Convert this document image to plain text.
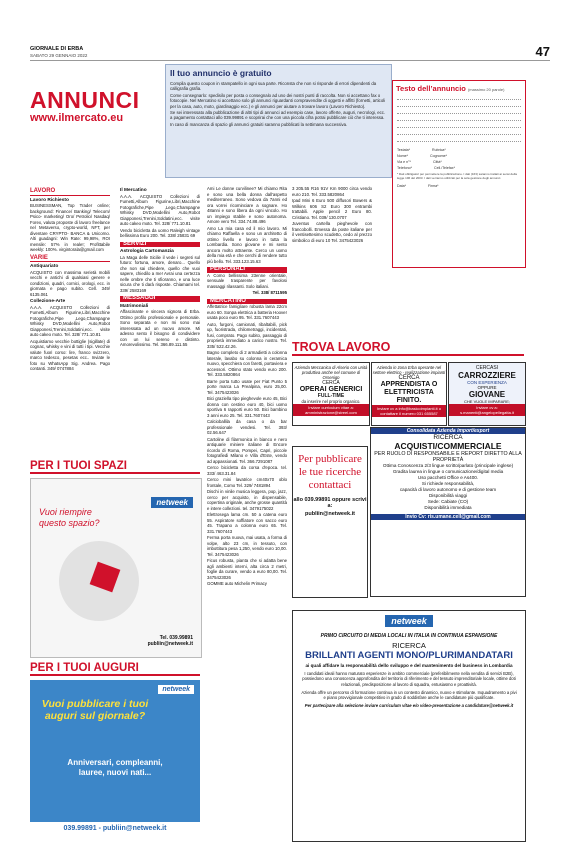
GIORNALE DI ERBA
SABATO 29 GENNAIO 2022	47
ANNUNCI
www.ilmercato.eu
Il tuo annuncio è gratuito

Compila questo coupon in stampatello in ogni sua parte. Riconsta che non si risponde di errori dipendenti da calligrafia grafia.

Come consegnarlo: spedisilo per posta o consegnalo ad uno dei nostri punti di raccolta. Non si accettano fax o fotocopie. Nel Mercatino si accettano solo gli annunci riguardanti compravendite di oggetti e affitti (fornetti, articoli per la casa, auto, moto, giardinaggio ecc.) e gli annunci per aiutare a trovare lavoro (Lavoro Richiesto).

Se sei interessato alla pubblicazione di altri tipi di annunci ad esempio case, lavoro offerte, auguri, necrologi, ecc. a pagamento contattaci allo 039.99891 e scoprirai che con una piccola cifra potrai pubblicare ciò che ti interessa.

In caso di mancanza di spazio gli annunci gratuiti saranno pubblicati la settimana successiva.

Testo dell’annuncio (massimo 20 parole)
Testata*	Rubrica*
Nome*	Cognome*
Via e n°*	Città*
Telefono*	Cell./Telefax*
* Dati obbligatori per permettere la pubblicazione. I dati (163) saranno trattati ai sensi della legge 196 del 2003. I dati verranno utilizzati per la sola gestione degli annunci.
Data*	Firma*
LAVORO
Lavoro Richiesto

BUSINESSMAN, Top Trader online; background: Finance/ Banking/ Telecom/ Psico- marketing/ Oro/ Petrolio/ Nasdaq/ Forex, valuta proposte di lavoro freelance nel Metaverso, crypto-world, NFT, per diventare CRYPTO- BANCA & Unicorno. Alti guadagni: Win Rate: 99,98%, ROI mensile: 57% in reale!; Profittabile weekly: 100%. virgintorala@gmail.com

VARIE
Antiquariato

ACQUISTO con massima serietà mobili vecchi e antichi di qualsiasi genere e condizioni, quadri, cornici, orologi, ecc. in giornata e pago subito. Cell. 349/ 6135.061

Collezione-Arte

A.A.A. ACQUISTO Collezioni di Fumetti,Album Figurine,Libri,Macchine Fotografiche,Pipe ,Lego,Champagne Whisky DVD,Modellini Auto,Robot Giapponesi,Trenini,Soldatini,ecc. visite auto cakeo moto. Tel. 328/ 771.10.81

Acquistiamo vecchie bottiglie (sigillate) di cognac, whisky e vini di tutti i tipi. Vecchie valute fuori corso: lire, franco svizzero, marco tedesco, pesetas ecc.. Inviate le foto su WhatsApp Sig. Andrea. Pago contanti. 349/ 0747884

Il Mercatino

A.A.A. ACQUISTO Collezioni di Fumetti,Album Figurine,Libri,Macchine Fotografiche,Pipe ,Lego,Champagne Whisky DVD,Modellini Auto,Robot Giapponesi,Trenini,Soldatini,ecc. visite auto cakeo moto. Tel. 328/ 771.10.81

Vendo bicicletta da uomo Raleigh vintage bellissima Euro 200. Tel. 338/ 25831 69

SERVIZI
Astrologia Cartomanzia

La Maga delle Sicilie il vede i segreti sul futuro: fortuna, amore, denaro... Quello che non sai chiedere, quello che vuoi sapere, chiedilo a me! Avrai una certezza nelle ombre che ti sfioranno, e una luce sicura che ti darà risposte. Chiamami tel. 339/ 2583169

MESSAGGI
Matrimoniali

Affascinante e sincera signora di Erba. Ottimo profilo professionale e personale. Sono separata e non mi sono mai interessata ad un nuovo amore. Mi adesso sento il bisogno di condividere con un lui sereno e distinto. Amorevolissimo. Tel. 366.89.111.55

Ami Le donne curvilinee? Mi chiamo Rita e sono una bella donna dall'aspetto mediterraneo. Sono vedova da 7anni ed ora vorrei ricominciare a sognare. Ho 48anni e sono libera da ogni vincolo. Ho un impiego stabile e sono autonoma. Amore vero Tel. 334.74.88.496

Amo La mia casa ed il mio lavoro. Mi chiamo Raffaella e sono un architetto di ottimo livello e lavoro in tutta la Lombardia. Sono giovane e mi sento ancora molto attraente. Cerco un uomo della mia età e che cerchi di rendere tutto più bello. Tel. 333.123.15.63

PERSONALI

A Como bellissima 23enne orientale, sensuale trasparente per favolosi massaggi rilassanti. Solo italiani.

Tel. 338/ 8711595

MERCATINO

Affettatrice famigliare robusta lama 22cm euro 60. Sonpa elettrica a batteria Hoover usata poco euro 95. Tel. 331.7607443

Auto, furgoni, camionati, ribaltabili, pick up, fuoristrada, chilometraggi, incidentati, fusi, comprato. Pago subito, passaggio di proprietà immediato a carico nostro. Tel. 335/ 522.42.26.

Bagno completo di 2 armadietti a colonna laterale, lavabo su colonna in ceramica nuovo, specchiera con faretti, portaviera e accessori. Ottimo stato vendo euro 200. Tel. 333.5820864

Barre porta tutto usate per Fiat Punto 5 porte marca La Prealpina, euro 25,00. Tel. 3475423026

Bici graziella tipo pieghevole euro 45, Bici donna con cestino euro 40, bici uomo sportiva 6 rapporti euro 50. Bici bambino 3 anni euro 25. Tel. 331.7607443

Calcioballila da casa o da bar professionale vendesi. Tel. 393/ 02.56.647

Cartoline di filarmonica in bianco e nero antiquarie miniere italiane di Encore ricordo di Roma, Pompei, Capri, piccole fotografiedi Milano e Villa d'Este, vendo ad appassionati. Tel. 366.7291087

Cerco bicicletta da corsa d'epoca. tel. 333/ 463.31.84

Cerco mini lavatrice cm40x70 oblo frontale, Como Tel. 329/ 7481894

Dischi in vinile musica leggera, pop, jazz, cerco per acquisto, in dispensabile, copertina originale, anche grosse quantità e intere collezioni. tel. 3479175022

Elettrosega lama cm. 50 a catena euro 55. Aspiratore soffiatore con sacco euro 45. Trapano a colonna euro 65. Tel. 331.7607443

Ferma porta nuova, mai usata, a forma di volpe, alto 23 cm, in tessuto, con imbottitura pesa 1,250, vendo euro 10,00. Tel. 3475423026

Ficus robusta, pianta che si adatta bene agli ambienti interni, alta circa 2 metri, foglie da curare, vendo a euro 80,00. Tel. 3475423026

GOMME auto Michelin Primacy

3 205.55 R16 91V Km 9000 circa vendo euro 210. Tel. 333.5820864

Ipad Mini 6 Euro 500 diffusori Bowers & Wilkins 606 S2 Euro 300 entrambi trattabili. Apple pencil 2 Euro 80. Cristiano. Tel. 039/ 130.0707

Juventus cartella pieghevole con francobolli. Emessa da poste italiane per il ventisettesimo scudetto, cedo al prezzo simbolico di euro 10 Tel. 3475423026

PER I TUOI SPAZI
netweek
Vuoi riempire questo spazio?
Tel. 039.99891
publiin@netweek.it
PER I TUOI AUGURI
netweek
Vuoi pubblicare i tuoi auguri sul giornale?
Anniversari, compleanni, lauree, nuovi nati...
039.99891 - publiin@netweek.it
TROVA LAVORO
Azienda Meccanica di Alserio con unità produttiva anche nel comune di Orsenigo
CERCA
OPERAI GENERICI
FULL-TIME
da inserire nel proprio organico.
Inviare curriculum vitae a: amministrazione@streel.com
Azienda in zona Erba operante nel settore elettrico - realizzazione impianti
CERCA
APPRENDISTA O ELETTRICISTA FINITO.
Inviare cv a info@basicoimpianti.it o contattare il numero 031 655587
CERCASI
CARROZZIERE
CON ESPERIENZA
OPPURE
GIOVANE
CHE VUOLE IMPARARE;
Inviare cv a: s.manenti@angelopellegatta.it
Per pubblicare le tue ricerche contattaci
allo 039.99891 oppure scrivi a:
publiin@netweek.it
Consolidata Azienda import/export
RICERCA
ACQUISTI/COMMERCIALE
PER RUOLO DI RESPONSABILE E REPORT DIRETTO ALLA PROPRIETÀ
Ottima Conoscenza 2/3 lingue scritto/parlato (principale inglese)
Gradita laurea in lingue o comunicazione/digital media
Uso pacchetti Office e As400.
Si richiede responsabilità,
capacità di lavoro autonomo e di gestione team
Disponibilità viaggi
Sede: Cabiate (CO)
Disponibilità immediata
Invio Cv: ris.umane.cell@gmail.com
netweek
PRIMO CIRCUITO DI MEDIA LOCALI IN ITALIA IN CONTINUA ESPANSIONE
RICERCA
BRILLANTI AGENTI MONO/PLURIMANDATARI
ai quali affidare la responsabilità dello sviluppo e del mantenimento del business in Lombardia

I candidati ideali hanno maturato esperienze in ambito commerciale (preferibilmente nella vendita di servizi B2B), possiedono una conoscenza approfondita del territorio di riferimento e del tessuto imprenditoriale locale, ottime doti relazionali, predisposizione al lavoro di squadra, entusiasmo e proattività.

Azienda offre un percorso di formazione continua in un contesto dinamico, nuovo e stimolante. Inquadramento a pivi e piano provvigionale competitivo in grado di soddisfare anche le candidature più qualificate.

Per partecipare alla selezione inviare curriculum vitae e/o video-presentazione a candidature@netweek.it
